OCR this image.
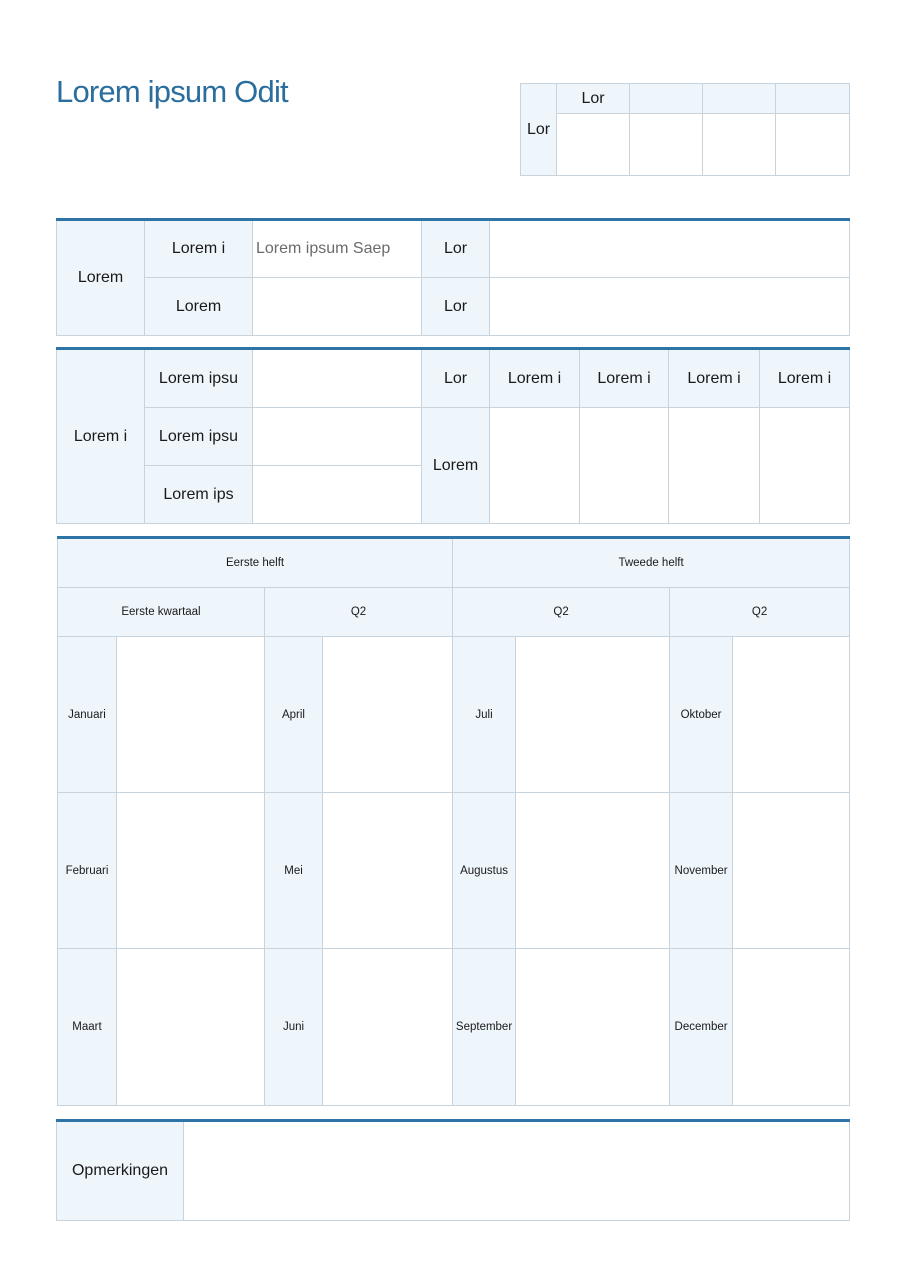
Lorem ipsum Odit
Lor	Lor			

Lorem	Lorem i	Lorem ipsum Saep	Lor	
	Lorem		Lor	
Lorem i	Lorem ipsu		Lor	Lorem i	Lorem i	Lorem i	Lorem i
	Lorem ipsu		Lorem				
	Lorem ips						
Eerste helft				Tweede helft			
Eerste kwartaal		Q2		Q2		Q2	
Januari		April		Juli		Oktober	
Februari		Mei		Augustus		November	
Maart		Juni		September		December	
Opmerkingen	
